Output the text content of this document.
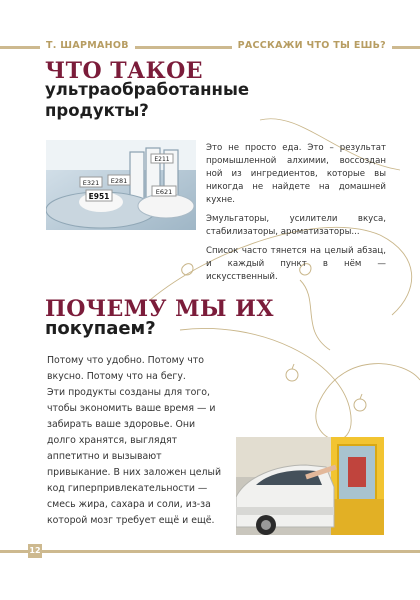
Т. ШАРМАНОВ	РАССКАЖИ ЧТО ТЫ ЕШЬ?
ЧТО ТАКОЕ
ультраобработанные
продукты?
E211
E321 E281
E951	E621

Это не просто еда. Это – результат промышленной алхимии, воссоздан ной из ингредиентов, которые вы никогда не найдете на домашней кухне.

Эмульгаторы, усилители вкуса, стабилизаторы, ароматизаторы...

Список часто тянется на целый абзац, и каждый пункт в нём — искусственный.

ПОЧЕМУ МЫ ИХ
покупаем?
Потому что удобно. Потому что
вкусно. Потому что на бегу.
Эти продукты созданы для того,
чтобы экономить ваше время — и
забирать ваше здоровье. Они
долго хранятся, выглядят
аппетитно и вызывают
привыкание. В них заложен целый
код гиперпривлекательности —
смесь жира, сахара и соли, из-за
которой мозг требует ещё и ещё.
12
